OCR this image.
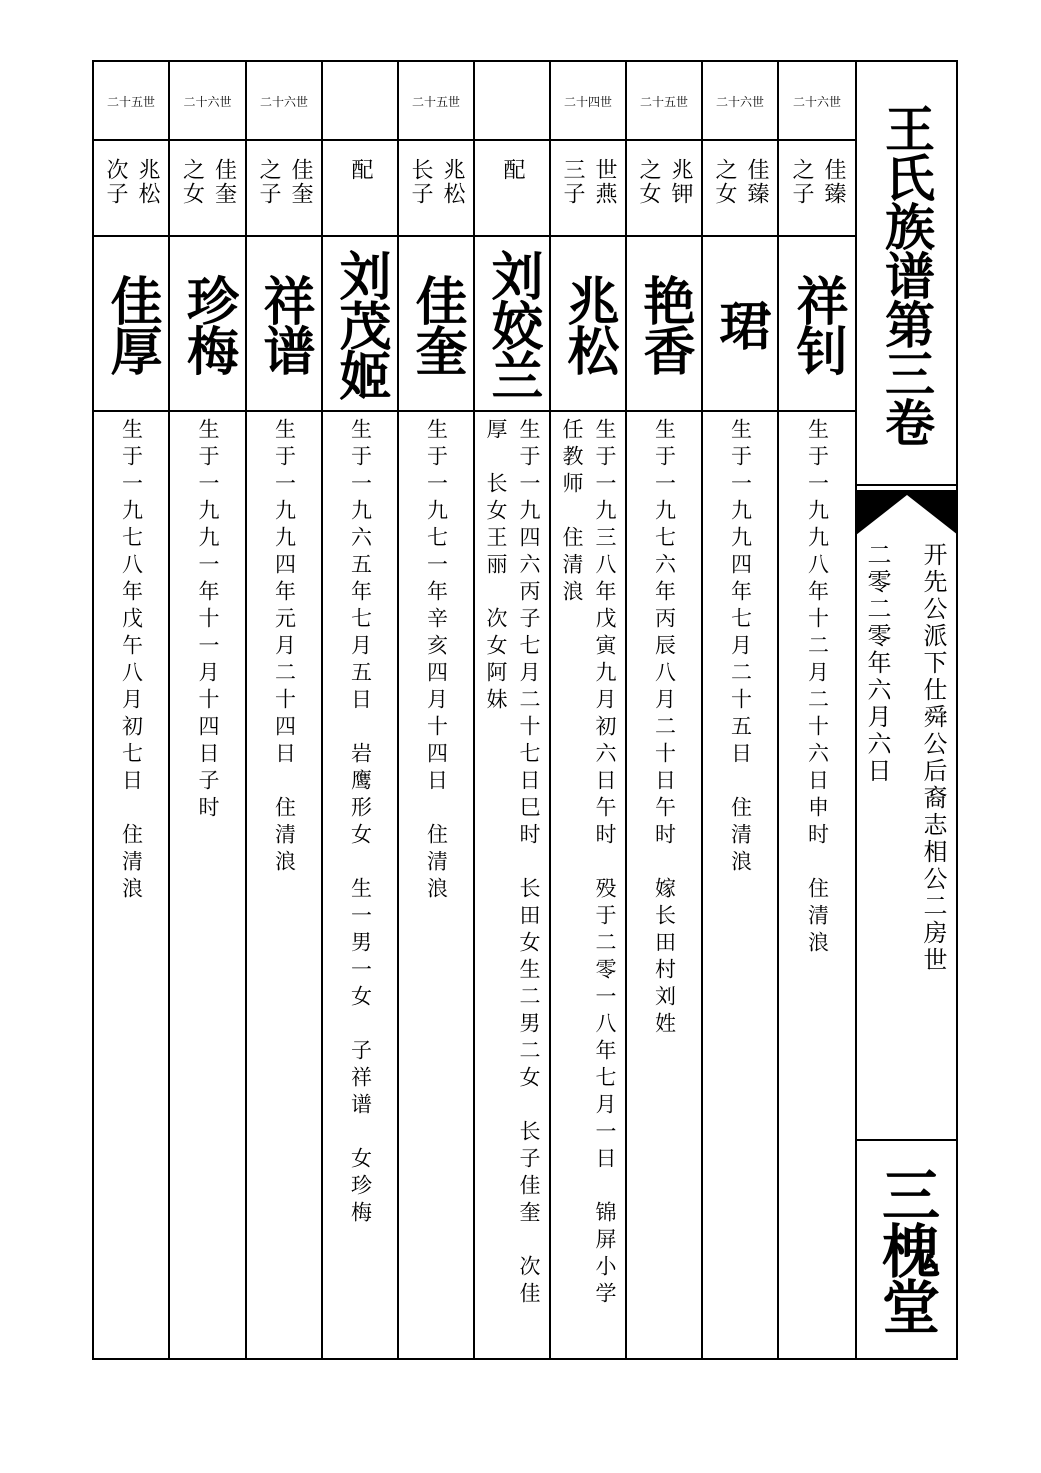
王氏族谱第三卷
开先公派下仕舜公后裔志相公二房世
二零二零年六月六日
三槐堂
二十六世
佳臻
之子
祥钊
生于一九九八年十二月二十六日申时　住清浪
二十六世
佳臻
之女
珺
生于一九九四年七月二十五日　住清浪
二十五世
兆钾
之女
艳香
生于一九七六年丙辰八月二十日午时　嫁长田村刘姓
二十四世
世燕
三子
兆松
生于一九三八年戊寅九月初六日午时　殁于二零一八年七月一日　锦屏小学
任教师　住清浪
配
刘姣兰
生于一九四六丙子七月二十七日巳时　长田女生二男二女　长子佳奎　次佳
厚　长女王丽　次女阿妹
二十五世
兆松
长子
佳奎
生于一九七一年辛亥四月十四日　住清浪
配
刘茂姬
生于一九六五年七月五日　岩鹰形女　生一男一女　子祥谱　女珍梅
二十六世
佳奎
之子
祥谱
生于一九九四年元月二十四日　住清浪
二十六世
佳奎
之女
珍梅
生于一九九一年十一月十四日子时
二十五世
兆松
次子
佳厚
生于一九七八年戊午八月初七日　住清浪
